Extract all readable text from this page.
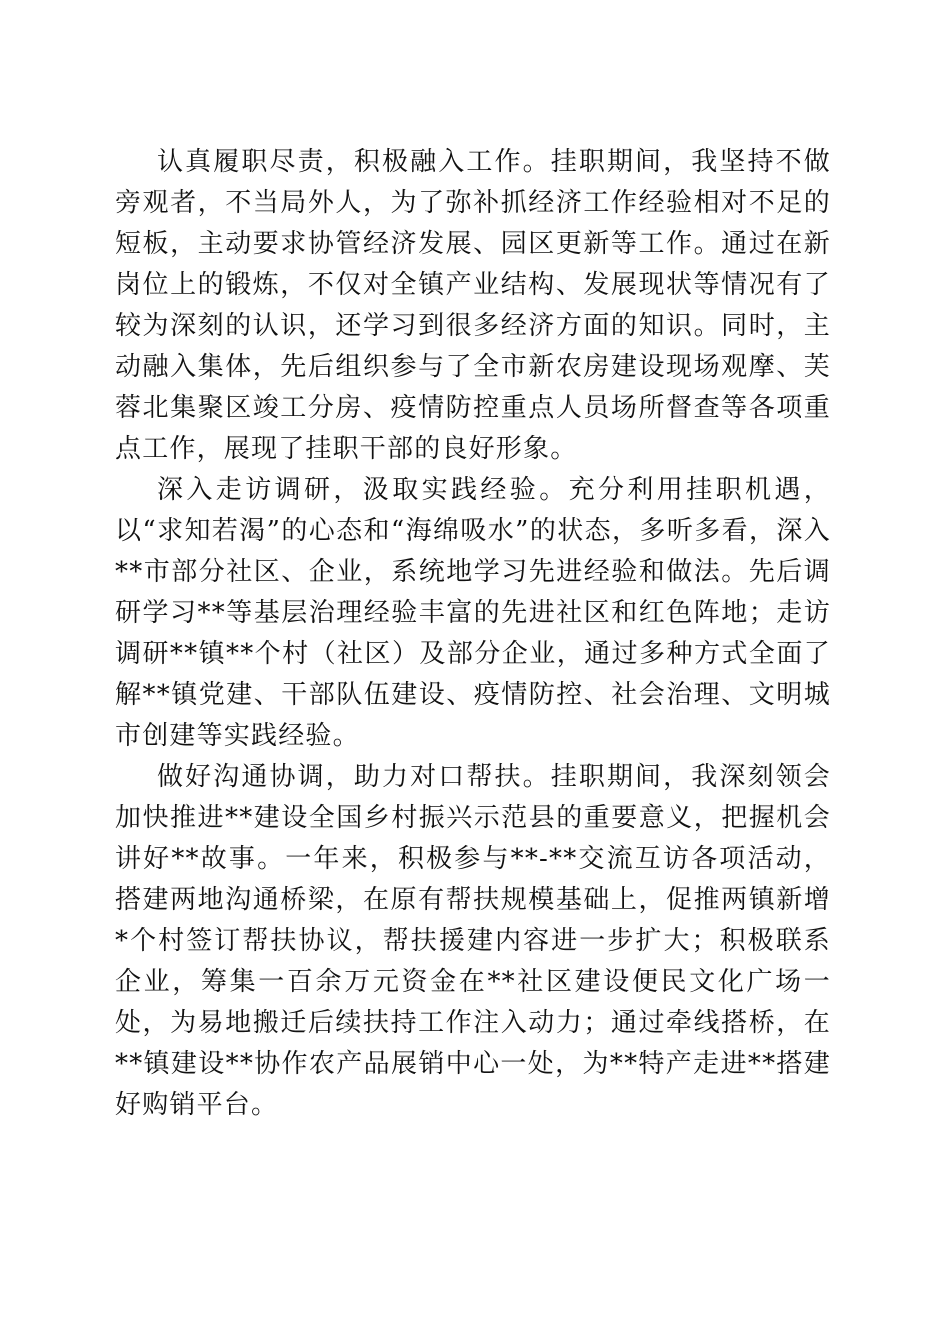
认真履职尽责，积极融入工作。挂职期间，我坚持不做旁观者，不当局外人，为了弥补抓经济工作经验相对不足的短板，主动要求协管经济发展、园区更新等工作。通过在新岗位上的锻炼，不仅对全镇产业结构、发展现状等情况有了较为深刻的认识，还学习到很多经济方面的知识。同时，主动融入集体，先后组织参与了全市新农房建设现场观摩、芙蓉北集聚区竣工分房、疫情防控重点人员场所督查等各项重点工作，展现了挂职干部的良好形象。

深入走访调研，汲取实践经验。充分利用挂职机遇，以“求知若渴”的心态和“海绵吸水”的状态，多听多看，深入**市部分社区、企业，系统地学习先进经验和做法。先后调研学习**等基层治理经验丰富的先进社区和红色阵地；走访调研**镇**个村（社区）及部分企业，通过多种方式全面了解**镇党建、干部队伍建设、疫情防控、社会治理、文明城市创建等实践经验。

做好沟通协调，助力对口帮扶。挂职期间，我深刻领会加快推进**建设全国乡村振兴示范县的重要意义，把握机会讲好**故事。一年来，积极参与**-**交流互访各项活动，搭建两地沟通桥梁，在原有帮扶规模基础上，促推两镇新增*个村签订帮扶协议，帮扶援建内容进一步扩大；积极联系企业，筹集一百余万元资金在**社区建设便民文化广场一处，为易地搬迁后续扶持工作注入动力；通过牵线搭桥，在**镇建设**协作农产品展销中心一处，为**特产走进**搭建好购销平台。
